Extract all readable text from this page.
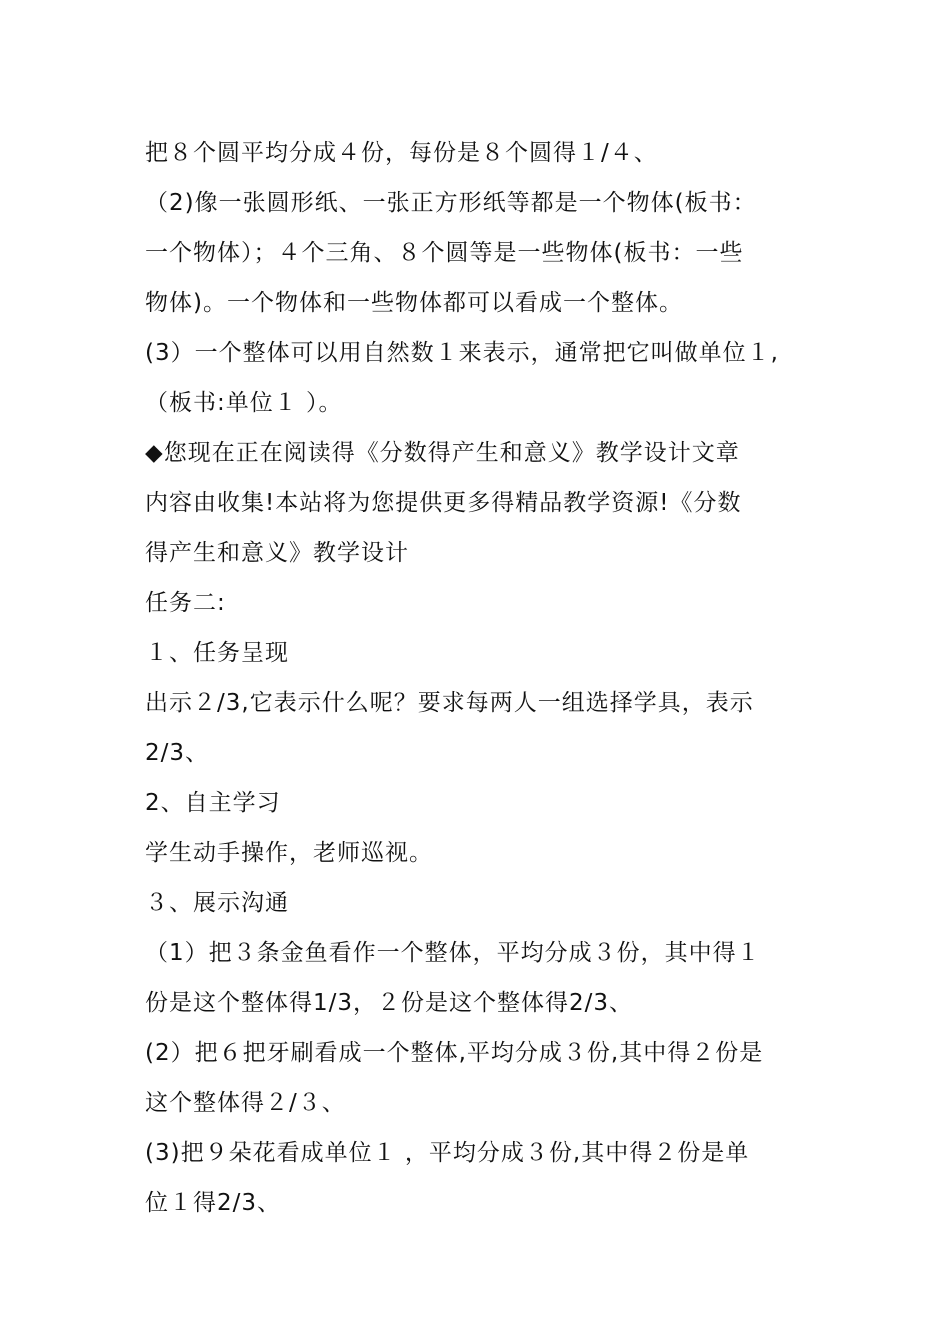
把８个圆平均分成４份，每份是８个圆得１/４、
（2)像一张圆形纸、一张正方形纸等都是一个物体(板书：
一个物体）；４个三角、８个圆等是一些物体(板书：一些
物体)。一个物体和一些物体都可以看成一个整体。
(3）一个整体可以用自然数１来表示，通常把它叫做单位１,
（板书:单位１ ）。
◆您现在正在阅读得《分数得产生和意义》教学设计文章
内容由收集!本站将为您提供更多得精品教学资源!《分数
得产生和意义》教学设计
任务二:
１、任务呈现
出示２/3,它表示什么呢？要求每两人一组选择学具，表示
2/3、
2、自主学习
学生动手操作，老师巡视。
３、展示沟通
（1）把３条金鱼看作一个整体，平均分成３份，其中得１
份是这个整体得1/3，２份是这个整体得2/3、
(2）把６把牙刷看成一个整体,平均分成３份,其中得２份是
这个整体得２/３、
(3)把９朵花看成单位１ ，平均分成３份,其中得２份是单
位１得2/3、
